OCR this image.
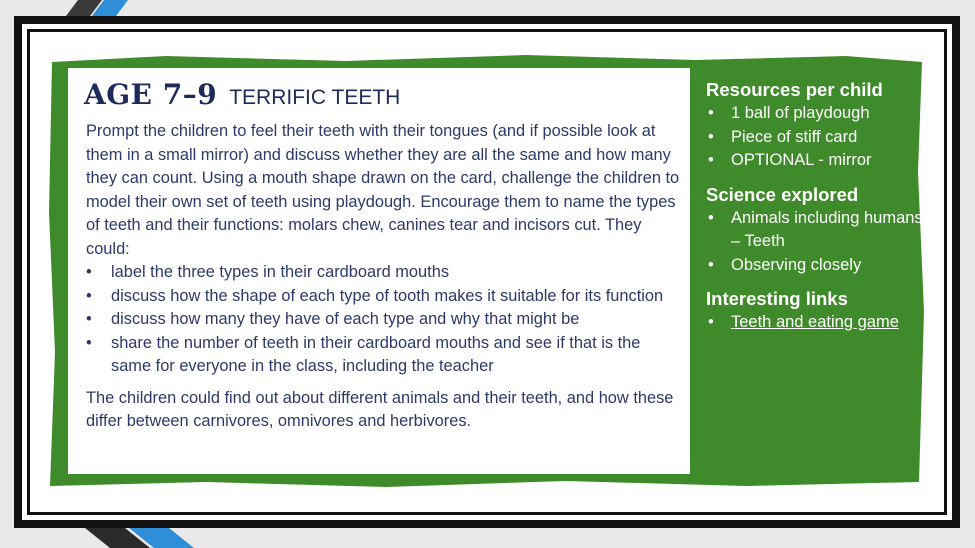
AGE 7–9 TERRIFIC TEETH

Prompt the children to feel their teeth with their tongues (and if possible look at them in a small mirror) and discuss whether they are all the same and how many they can count. Using a mouth shape drawn on the card, challenge the children to model their own set of teeth using playdough. Encourage them to name the types of teeth and their functions: molars chew, canines tear and incisors cut. They could:

• label the three types in their cardboard mouths
• discuss how the shape of each type of tooth makes it suitable for its function
• discuss how many they have of each type and why that might be
• share the number of teeth in their cardboard mouths and see if that is the same for everyone in the class, including the teacher

The children could find out about different animals and their teeth, and how these differ between carnivores, omnivores and herbivores.

Resources per child
• 1 ball of playdough
• Piece of stiff card
• OPTIONAL - mirror
Science explored
• Animals including humans – Teeth
• Observing closely
Interesting links
• Teeth and eating game
